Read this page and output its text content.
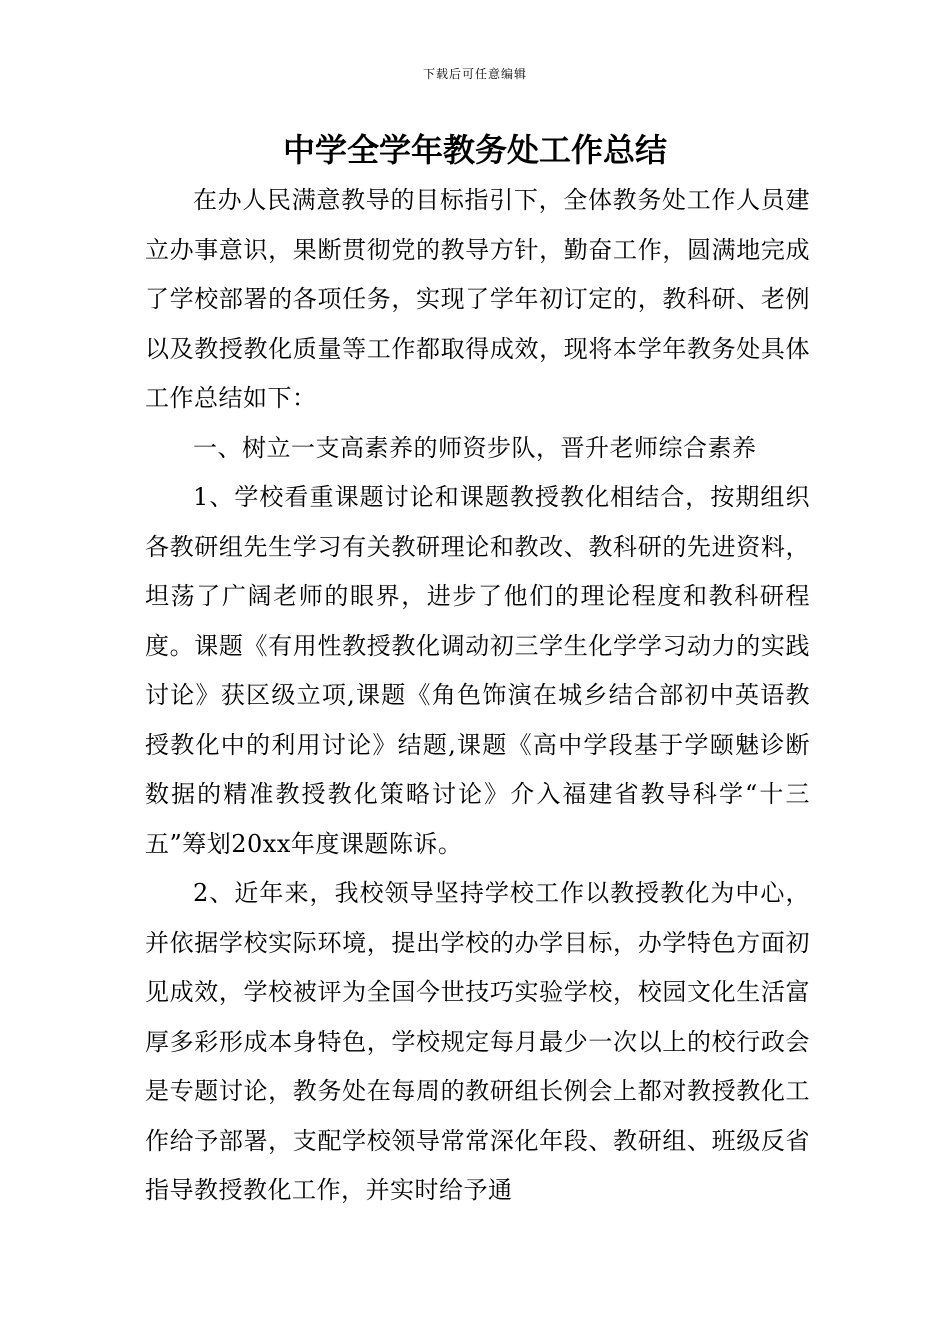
下载后可任意编辑
中学全学年教务处工作总结

在办人民满意教导的目标指引下，全体教务处工作人员建立办事意识，果断贯彻党的教导方针，勤奋工作，圆满地完成了学校部署的各项任务，实现了学年初订定的，教科研、老例以及教授教化质量等工作都取得成效，现将本学年教务处具体工作总结如下：

一、树立一支高素养的师资步队，晋升老师综合素养

1、学校看重课题讨论和课题教授教化相结合，按期组织各教研组先生学习有关教研理论和教改、教科研的先进资料，坦荡了广阔老师的眼界，进步了他们的理论程度和教科研程度。课题《有用性教授教化调动初三学生化学学习动力的实践讨论》获区级立项,课题《角色饰演在城乡结合部初中英语教授教化中的利用讨论》结题,课题《高中学段基于学颐魅诊断数据的精准教授教化策略讨论》介入福建省教导科学“十三五”筹划20xx年度课题陈诉。

2、近年来，我校领导坚持学校工作以教授教化为中心，并依据学校实际环境，提出学校的办学目标，办学特色方面初见成效，学校被评为全国今世技巧实验学校，校园文化生活富厚多彩形成本身特色，学校规定每月最少一次以上的校行政会是专题讨论，教务处在每周的教研组长例会上都对教授教化工作给予部署，支配学校领导常常深化年段、教研组、班级反省指导教授教化工作，并实时给予通
